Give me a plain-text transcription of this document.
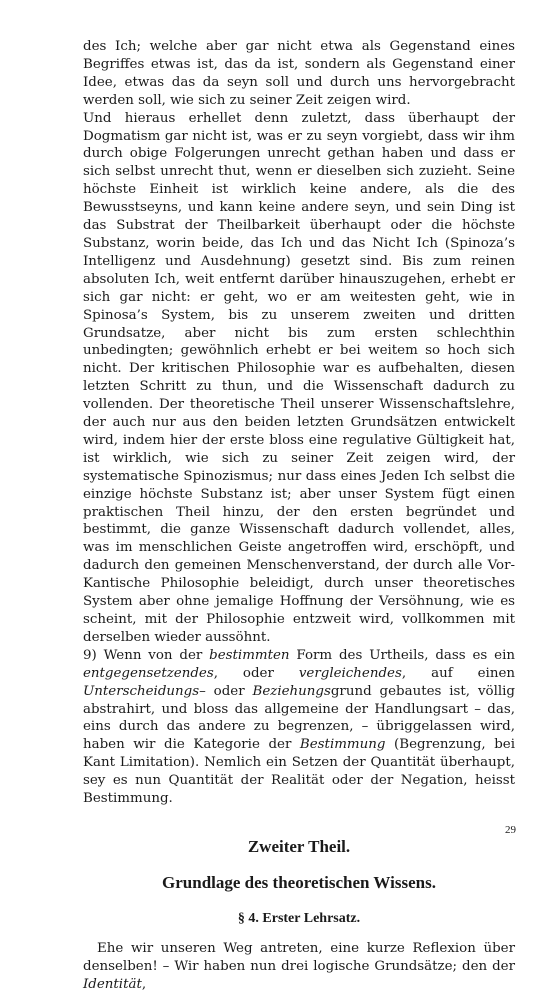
des Ich; welche aber gar nicht etwa als Gegenstand eines Begriffes etwas ist, das da ist, sondern als Gegenstand einer Idee, etwas das da seyn soll und durch uns hervorgebracht werden soll, wie sich zu seiner Zeit zeigen wird.

Und hieraus erhellet denn zuletzt, dass überhaupt der Dogmatism gar nicht ist, was er zu seyn vorgiebt, dass wir ihm durch obige Folgerungen unrecht gethan haben und dass er sich selbst unrecht thut, wenn er dieselben sich zuzieht. Seine höchste Einheit ist wirklich keine andere, als die des Bewusstseyns, und kann keine andere seyn, und sein Ding ist das Substrat der Theilbarkeit überhaupt oder die höchste Substanz, worin beide, das Ich und das Nicht Ich (Spinoza’s Intelligenz und Ausdehnung) gesetzt sind. Bis zum reinen absoluten Ich, weit entfernt darüber hinauszugehen, erhebt er sich gar nicht: er geht, wo er am weitesten geht, wie in Spinosa’s System, bis zu unserem zweiten und dritten Grundsatze, aber nicht bis zum ersten schlechthin unbedingten; gewöhnlich erhebt er bei weitem so hoch sich nicht. Der kritischen Philosophie war es aufbehalten, diesen letzten Schritt zu thun, und die Wissenschaft dadurch zu vollenden. Der theoretische Theil unserer Wissenschaftslehre, der auch nur aus den beiden letzten Grundsätzen entwickelt wird, indem hier der erste bloss eine regulative Gültigkeit hat, ist wirklich, wie sich zu seiner Zeit zeigen wird, der systematische Spinozismus; nur dass eines Jeden Ich selbst die einzige höchste Substanz ist; aber unser System fügt einen praktischen Theil hinzu, der den ersten begründet und bestimmt, die ganze Wissenschaft dadurch vollendet, alles, was im menschlichen Geiste angetroffen wird, erschöpft, und dadurch den gemeinen Menschenverstand, der durch alle Vor-Kantische Philosophie beleidigt, durch unser theoretisches System aber ohne jemalige Hoffnung der Versöhnung, wie es scheint, mit der Philosophie entzweit wird, vollkommen mit derselben wieder aussöhnt.

9) Wenn von der bestimmten Form des Urtheils, dass es ein entgegensetzendes, oder vergleichendes, auf einen Unterscheidungs– oder Beziehungsgrund gebautes ist, völlig abstrahirt, und bloss das allgemeine der Handlungsart – das, eins durch das andere zu begrenzen, – übriggelassen wird, haben wir die Kategorie der Bestimmung (Begrenzung, bei Kant Limitation). Nemlich ein Setzen der Quantität überhaupt, sey es nun Quantität der Realität oder der Negation, heisst Bestimmung.

Zweiter Theil.
Grundlage des theoretischen Wissens.
§ 4. Erster Lehrsatz.

Ehe wir unseren Weg antreten, eine kurze Reflexion über denselben! – Wir haben nun drei logische Grundsätze; den der Identität,

29
